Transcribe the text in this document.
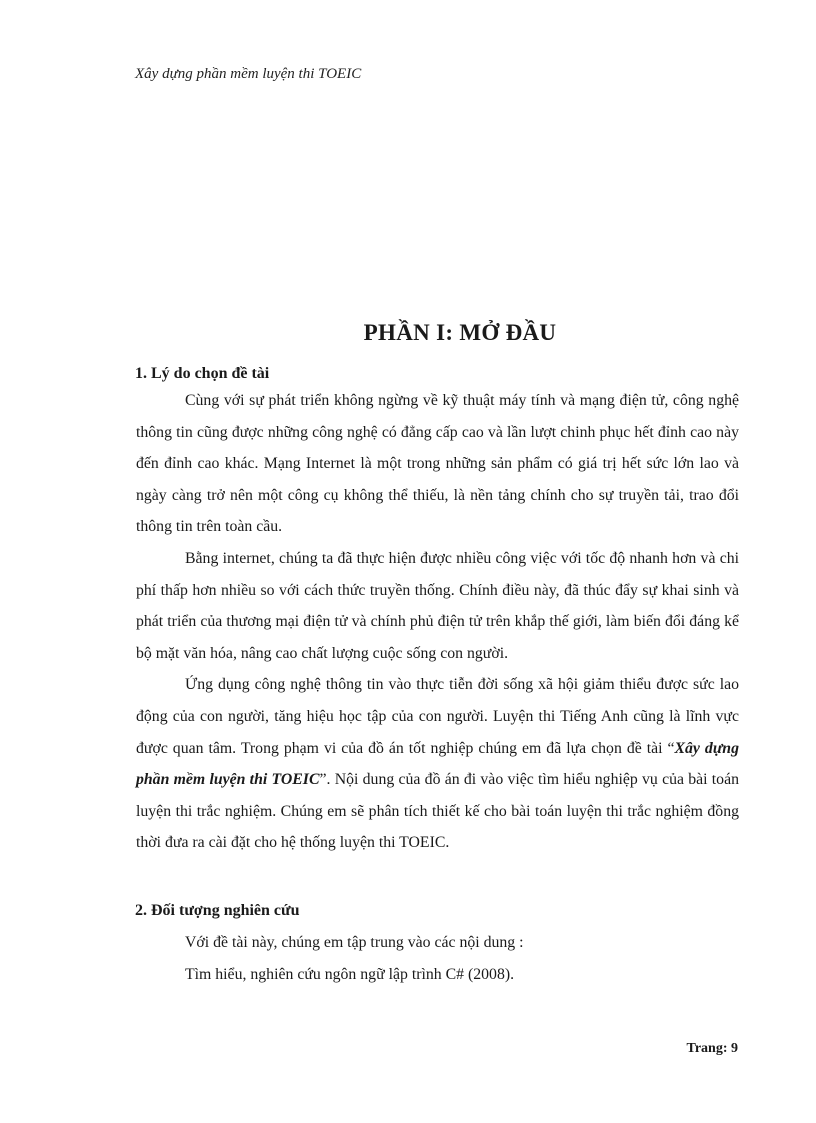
Xây dựng phần mềm luyện thi TOEIC
PHẦN I: MỞ ĐẦU
1. Lý do chọn đề tài

Cùng với sự phát triển không ngừng về kỹ thuật máy tính và mạng điện tử, công nghệ thông tin cũng được những công nghệ có đẳng cấp cao và lần lượt chinh phục hết đỉnh cao này đến đỉnh cao khác. Mạng Internet là một trong những sản phẩm có giá trị hết sức lớn lao và ngày càng trở nên một công cụ không thể thiếu, là nền tảng chính cho sự truyền tải, trao đổi thông tin trên toàn cầu.

Bằng internet, chúng ta đã thực hiện được nhiều công việc với tốc độ nhanh hơn và chi phí thấp hơn nhiều so với cách thức truyền thống. Chính điều này, đã thúc đẩy sự khai sinh và phát triển của thương mại điện tử và chính phủ điện tử trên khắp thế giới, làm biến đổi đáng kể bộ mặt văn hóa, nâng cao chất lượng cuộc sống con người.

Ứng dụng công nghệ thông tin vào thực tiễn đời sống xã hội giảm thiểu được sức lao động của con người, tăng hiệu học tập của con người. Luyện thi Tiếng Anh cũng là lĩnh vực được quan tâm. Trong phạm vi của đồ án tốt nghiệp chúng em đã lựa chọn đề tài “Xây dựng phần mềm luyện thi TOEIC”. Nội dung của đồ án đi vào việc tìm hiểu nghiệp vụ của bài toán luyện thi trắc nghiệm. Chúng em sẽ phân tích thiết kế cho bài toán luyện thi trắc nghiệm đồng thời đưa ra cài đặt cho hệ thống luyện thi TOEIC.

2. Đối tượng nghiên cứu

Với đề tài này, chúng em tập trung vào các nội dung :

Tìm hiểu, nghiên cứu ngôn ngữ lập trình C# (2008).

Trang: 9
